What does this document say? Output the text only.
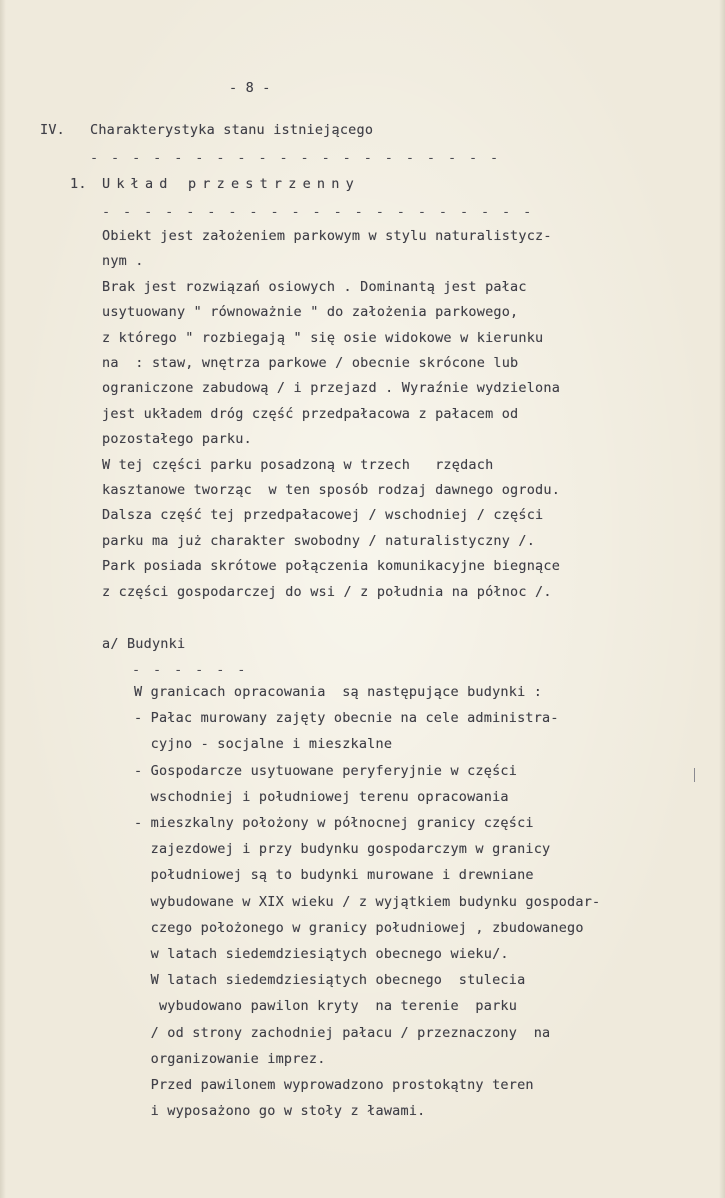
- 8 -
IV. Charakterystyka stanu istniejącego
- - - - - - - - - - - - - - - - - - - -
1. Układ przestrzenny
- - - - - - - - - - - - - - - - - - - - -
Obiekt jest założeniem parkowym w stylu naturalistycz-
nym .
Brak jest rozwiązań osiowych . Dominantą jest pałac
usytuowany " równoważnie " do założenia parkowego,
z którego " rozbiegają " się osie widokowe w kierunku
na  : staw, wnętrza parkowe / obecnie skrócone lub
ograniczone zabudową / i przejazd . Wyraźnie wydzielona
jest układem dróg część przedpałacowa z pałacem od
pozostałego parku.
W tej części parku posadzoną w trzech   rzędach
kasztanowe tworząc  w ten sposób rodzaj dawnego ogrodu.
Dalsza część tej przedpałacowej / wschodniej / części
parku ma już charakter swobodny / naturalistyczny /.
Park posiada skrótowe połączenia komunikacyjne biegnące
z części gospodarczej do wsi / z południa na północ /.
a/ Budynki
- - - - - -
W granicach opracowania  są następujące budynki :
- Pałac murowany zajęty obecnie na cele administra-
cyjno - socjalne i mieszkalne
- Gospodarcze usytuowane peryferyjnie w części
wschodniej i południowej terenu opracowania
- mieszkalny położony w północnej granicy części
zajezdowej i przy budynku gospodarczym w granicy
południowej są to budynki murowane i drewniane
wybudowane w XIX wieku / z wyjątkiem budynku gospodar-
czego położonego w granicy południowej , zbudowanego
w latach siedemdziesiątych obecnego wieku/.
W latach siedemdziesiątych obecnego  stulecia
wybudowano pawilon kryty  na terenie  parku
/ od strony zachodniej pałacu / przeznaczony  na
organizowanie imprez.
Przed pawilonem wyprowadzono prostokątny teren
i wyposażono go w stoły z ławami.
